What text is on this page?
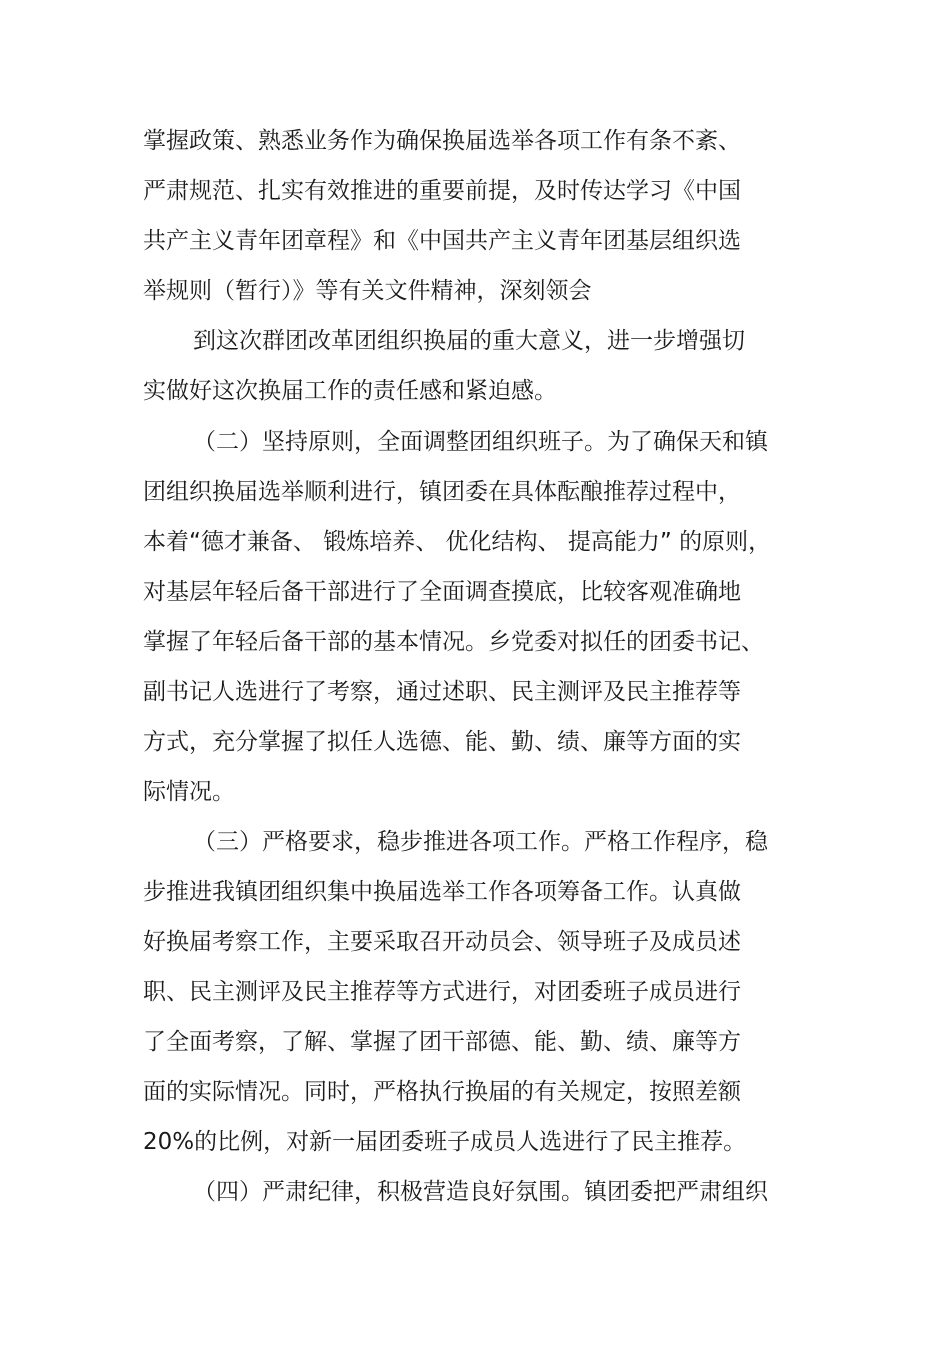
掌握政策、熟悉业务作为确保换届选举各项工作有条不紊、
严肃规范、扎实有效推进的重要前提，及时传达学习《中国
共产主义青年团章程》和《中国共产主义青年团基层组织选
举规则（暂行）》等有关文件精神，深刻领会
到这次群团改革团组织换届的重大意义，进一步增强切
实做好这次换届工作的责任感和紧迫感。
（二）坚持原则，全面调整团组织班子。为了确保天和镇
团组织换届选举顺利进行，镇团委在具体酝酿推荐过程中，
本着“德才兼备、 锻炼培养、 优化结构、 提高能力” 的原则，
对基层年轻后备干部进行了全面调查摸底，比较客观准确地
掌握了年轻后备干部的基本情况。乡党委对拟任的团委书记、
副书记人选进行了考察，通过述职、民主测评及民主推荐等
方式，充分掌握了拟任人选德、能、勤、绩、廉等方面的实
际情况。
（三）严格要求，稳步推进各项工作。严格工作程序，稳
步推进我镇团组织集中换届选举工作各项筹备工作。认真做
好换届考察工作，主要采取召开动员会、领导班子及成员述
职、民主测评及民主推荐等方式进行，对团委班子成员进行
了全面考察，了解、掌握了团干部德、能、勤、绩、廉等方
面的实际情况。同时，严格执行换届的有关规定，按照差额
20%的比例，对新一届团委班子成员人选进行了民主推荐。
（四）严肃纪律，积极营造良好氛围。镇团委把严肃组织
